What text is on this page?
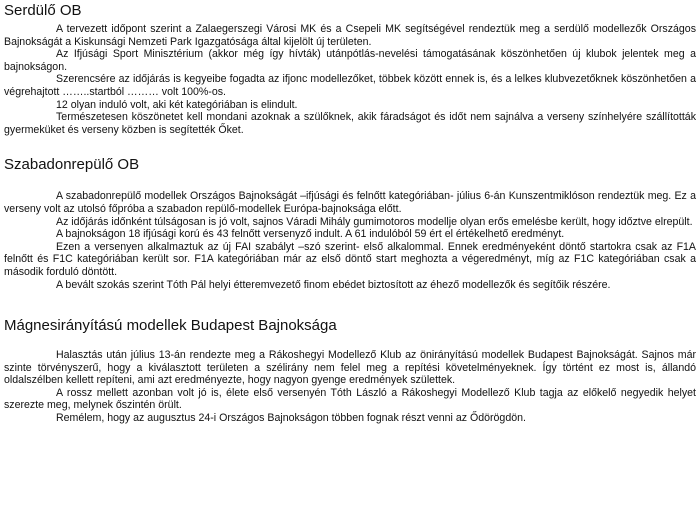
Serdülő OB

A tervezett időpont szerint a Zalaegerszegi Városi MK és a Csepeli MK segítségével rendeztük meg a serdülő modellezők Országos Bajnokságát a Kiskunsági Nemzeti Park Igazgatósága által kijelölt új területen.

Az Ifjúsági Sport Minisztérium (akkor még így hívták) utánpótlás-nevelési támogatásának köszönhetően új klubok jelentek meg a bajnokságon.

Szerencsére az időjárás is kegyeibe fogadta az ifjonc modellezőket, többek között ennek is, és a lelkes klubvezetőknek köszönhetően a végrehajtott ……..startból ……… volt 100%-os.

12 olyan induló volt, aki két kategóriában is elindult.

Természetesen köszönetet kell mondani azoknak a szülőknek, akik fáradságot és időt nem sajnálva a verseny színhelyére szállították gyermeküket és verseny közben is segítették Őket.

Szabadonrepülő OB

A szabadonrepülő modellek Országos Bajnokságát –ifjúsági és felnőtt kategóriában- július 6-án Kunszentmiklóson rendeztük meg. Ez a verseny volt az utolsó főpróba a szabadon repülő-modellek Európa-bajnoksága előtt.

Az időjárás időnként túlságosan is jó volt, sajnos Váradi Mihály gumimotoros modellje olyan erős emelésbe került, hogy időztve elrepült.

A bajnokságon 18 ifjúsági korú és 43 felnőtt versenyző indult. A 61 indulóból 59 ért el értékelhető eredményt.

Ezen a versenyen alkalmaztuk az új FAI szabályt –szó szerint- első alkalommal. Ennek eredményeként döntő startokra csak az F1A felnőtt és F1C kategóriában került sor. F1A kategóriában már az első döntő start meghozta a végeredményt, míg az F1C kategóriában csak a második forduló döntött.

A bevált szokás szerint Tóth Pál helyi étteremvezető finom ebédet biztosított az éhező modellezők és segítőik részére.

Mágnesirányítású modellek Budapest Bajnoksága

Halasztás után július 13-án rendezte meg a Rákoshegyi Modellező Klub az önirányítású modellek Budapest Bajnokságát. Sajnos már szinte törvényszerű, hogy a kiválasztott területen a szélirány nem felel meg a repítési követelményeknek. Így történt ez most is, állandó oldalszélben kellett repíteni, ami azt eredményezte, hogy nagyon gyenge eredmények születtek.

A rossz mellett azonban volt jó is, élete első versenyén Tóth László a Rákoshegyi Modellező Klub tagja az előkelő negyedik helyet szerezte meg, melynek őszintén örült.

Remélem, hogy az augusztus 24-i Országos Bajnokságon többen fognak részt venni az Ődörögdön.
